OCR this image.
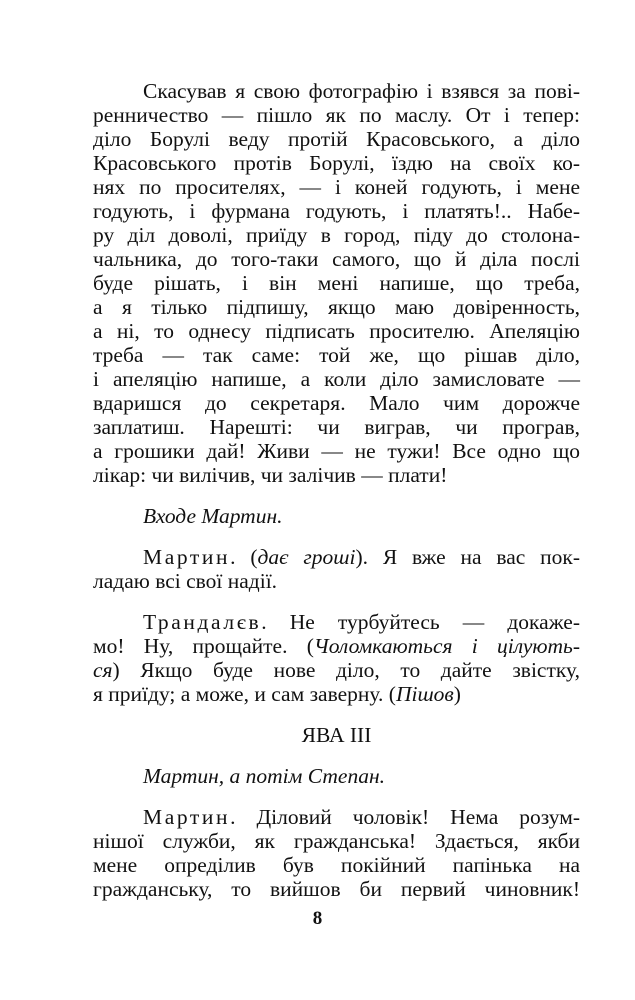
Скасував я свою фотографію і взявся за пові-
ренничество — пішло як по маслу. От і тепер:
діло Борулі веду протій Красовського, а діло
Красовського протів Борулі, їздю на своїх ко-
нях по просителях, — і коней годують, і мене
годують, і фурмана годують, і платять!.. Набе-
ру діл доволі, приїду в город, піду до столона-
чальника, до того-таки самого, що й діла послі
буде рішать, і він мені напише, що треба,
а я тілько підпишу, якщо маю довіренность,
а ні, то однесу підписать просителю. Апеляцію
треба — так саме: той же, що рішав діло,
і апеляцію напише, а коли діло замисловате —
вдаришся до секретаря. Мало чим дорожче
заплатиш. Нарешті: чи виграв, чи програв,
а грошики дай! Живи — не тужи! Все одно що
лікар: чи вилічив, чи залічив — плати!
Входе Мартин.
Мартин. (дає гроші). Я вже на вас пок-
ладаю всі свої надії.
Трандалєв. Не турбуйтесь — докаже-
мо! Ну, прощайте. (Чоломкаються і цілують-
ся) Якщо буде нове діло, то дайте звістку,
я приїду; а може, и сам заверну. (Пішов)
ЯВА ІІІ
Мартин, а потім Степан.
Мартин. Діловий чоловік! Нема розум-
нішої служби, як гражданська! Здається, якби
мене опреділив був покійний папінька на
гражданську, то вийшов би первий чиновник!
8
